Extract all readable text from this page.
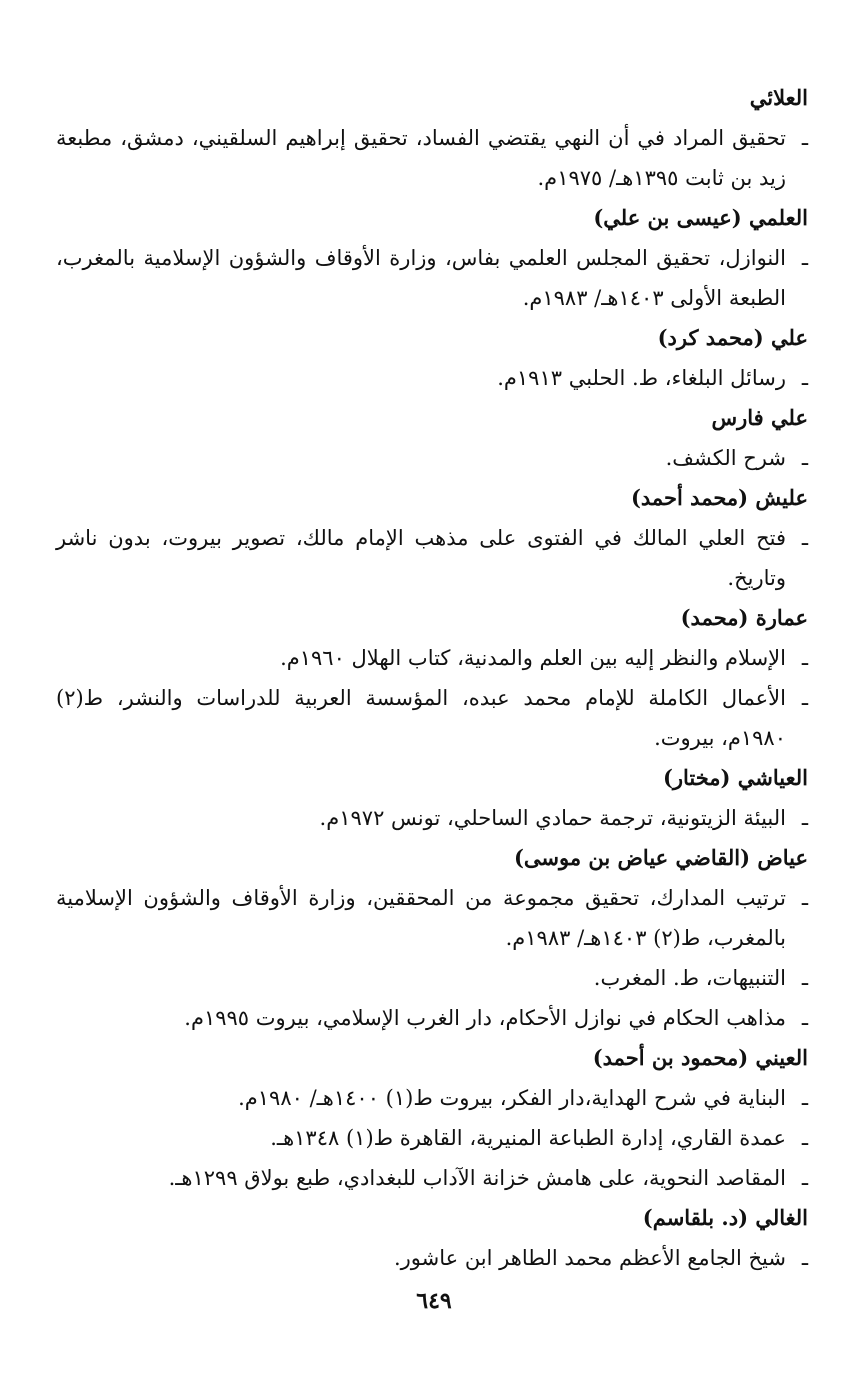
العلائي
ـتحقيق المراد في أن النهي يقتضي الفساد، تحقيق إبراهيم السلقيني، دمشق، مطبعة زيد بن ثابت ١٣٩٥هـ/ ١٩٧٥م.
العلمي (عيسى بن علي)
ـالنوازل، تحقيق المجلس العلمي بفاس، وزارة الأوقاف والشؤون الإسلامية بالمغرب، الطبعة الأولى ١٤٠٣هـ/ ١٩٨٣م.
علي (محمد كرد)
ـرسائل البلغاء، ط. الحلبي ١٩١٣م.
علي فارس
ـشرح الكشف.
عليش (محمد أحمد)
ـفتح العلي المالك في الفتوى على مذهب الإمام مالك، تصوير بيروت، بدون ناشر وتاريخ.
عمارة (محمد)
ـالإسلام والنظر إليه بين العلم والمدنية، كتاب الهلال ١٩٦٠م.
ـالأعمال الكاملة للإمام محمد عبده، المؤسسة العربية للدراسات والنشر، ط(٢) ١٩٨٠م، بيروت.
العياشي (مختار)
ـالبيئة الزيتونية، ترجمة حمادي الساحلي، تونس ١٩٧٢م.
عياض (القاضي عياض بن موسى)
ـترتيب المدارك، تحقيق مجموعة من المحققين، وزارة الأوقاف والشؤون الإسلامية بالمغرب، ط(٢) ١٤٠٣هـ/ ١٩٨٣م.
ـالتنبيهات، ط. المغرب.
ـمذاهب الحكام في نوازل الأحكام، دار الغرب الإسلامي، بيروت ١٩٩٥م.
العيني (محمود بن أحمد)
ـالبناية في شرح الهداية،دار الفكر، بيروت ط(١) ١٤٠٠هـ/ ١٩٨٠م.
ـعمدة القاري، إدارة الطباعة المنيرية، القاهرة ط(١) ١٣٤٨هـ.
ـالمقاصد النحوية، على هامش خزانة الآداب للبغدادي، طبع بولاق ١٢٩٩هـ.
الغالي (د. بلقاسم)
ـشيخ الجامع الأعظم محمد الطاهر ابن عاشور.
٦٤٩
